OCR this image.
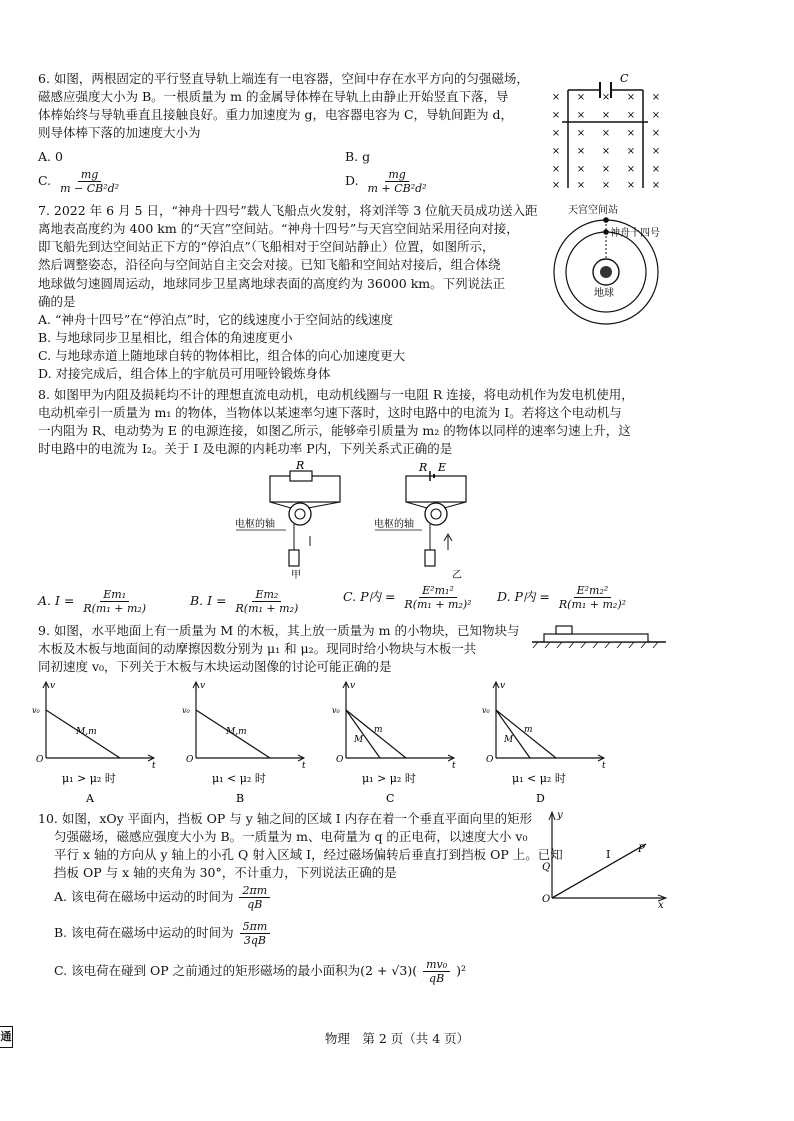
6. 如图，两根固定的平行竖直导轨上端连有一电容器，空间中存在水平方向的匀强磁场，
磁感应强度大小为 B。一根质量为 m 的金属导体棒在导轨上由静止开始竖直下落，导
体棒始终与导轨垂直且接触良好。重力加速度为 g，电容器电容为 C，导轨间距为 d，
则导体棒下落的加速度大小为
A. 0	B. g
C. $\frac{mg}{\text{m − CB²d²}}$	D. $\frac{mg}{\text{m + CB²d²}}$
C
× × × × ×
× × × × ×
× × × × ×
× × × × ×
× × × × ×
× × × × ×
7. 2022 年 6 月 5 日，“神舟十四号”载人飞船点火发射，将刘洋等 3 位航天员成功送入距
离地表高度约为 400 km 的“天宫”空间站。“神舟十四号”与天宫空间站采用径向对接，
即飞船先到达空间站正下方的“停泊点”（飞船相对于空间站静止）位置，如图所示，
然后调整姿态，沿径向与空间站自主交会对接。已知飞船和空间站对接后，组合体绕
地球做匀速圆周运动，地球同步卫星离地球表面的高度约为 36000 km。下列说法正
确的是
A. “神舟十四号”在“停泊点”时，它的线速度小于空间站的线速度
B. 与地球同步卫星相比，组合体的角速度更小
C. 与地球赤道上随地球自转的物体相比，组合体的向心加速度更大
D. 对接完成后，组合体上的宇航员可用哑铃锻炼身体
天宫空间站
神舟十四号
地球
8. 如图甲为内阻及损耗均不计的理想直流电动机，电动机线圈与一电阻 R 连接，将电动机作为发电机使用，
电动机牵引一质量为 m₁ 的物体，当物体以某速率匀速下落时，这时电路中的电流为 I。若将这个电动机与
一内阻为 R、电动势为 E 的电源连接，如图乙所示，能够牵引质量为 m₂ 的物体以同样的速率匀速上升，这
时电路中的电流为 I₂。关于 I 及电源的内耗功率 P内，下列关系式正确的是
R
电枢的轴
甲
R E
电枢的轴
乙
A. $I = \frac{\text{Em₁}}{\text{R(m₁ + m₂)}}$	B. $I = \frac{\text{Em₂}}{\text{R(m₁ + m₂)}}$	C. P内 = $\frac{\text{E²m₁²}}{\text{R(m₁ + m₂)²}} D$. P内 = $\frac{\text{E²m₂²}}{\text{R(m₁ + m₂)²}}$
9. 如图，水平地面上有一质量为 M 的木板，其上放一质量为 m 的小物块，已知物块与
木板及木板与地面间的动摩擦因数分别为 μ₁ 和 μ₂。现同时给小物块与木板一共
同初速度 v₀，下列关于木板与木块运动图像的讨论可能正确的是
v
t
O
v₀
M,m
μ₁ > μ₂ 时
A
v
t
O
v₀
M,m
μ₁ < μ₂ 时
B
v
t
O
v₀
m
M
μ₁ > μ₂ 时
C
v
t
O
v₀
m
M
μ₁ < μ₂ 时
D
10. 如图，xOy 平面内，挡板 OP 与 y 轴之间的区域 I 内存在着一个垂直平面向里的矩形
匀强磁场，磁感应强度大小为 B。一质量为 m、电荷量为 q 的正电荷，以速度大小 v₀
平行 x 轴的方向从 y 轴上的小孔 Q 射入区域 I，经过磁场偏转后垂直打到挡板 OP 上。已知
挡板 OP 与 x 轴的夹角为 30°，不计重力，下列说法正确的是
A. 该电荷在磁场中运动的时间为 $\frac{2\pi m}{qB}$
B. 该电荷在磁场中运动的时间为 $\frac{5\pi m}{3qB}$
C. 该电荷在碰到 OP 之前通过的矩形磁场的最小面积为$(2 + √3)( \frac{\text{mv₀}}{qB} )^2$
y
x
O
Q
I	P
物理　第 2 页（共 4 页）
通
